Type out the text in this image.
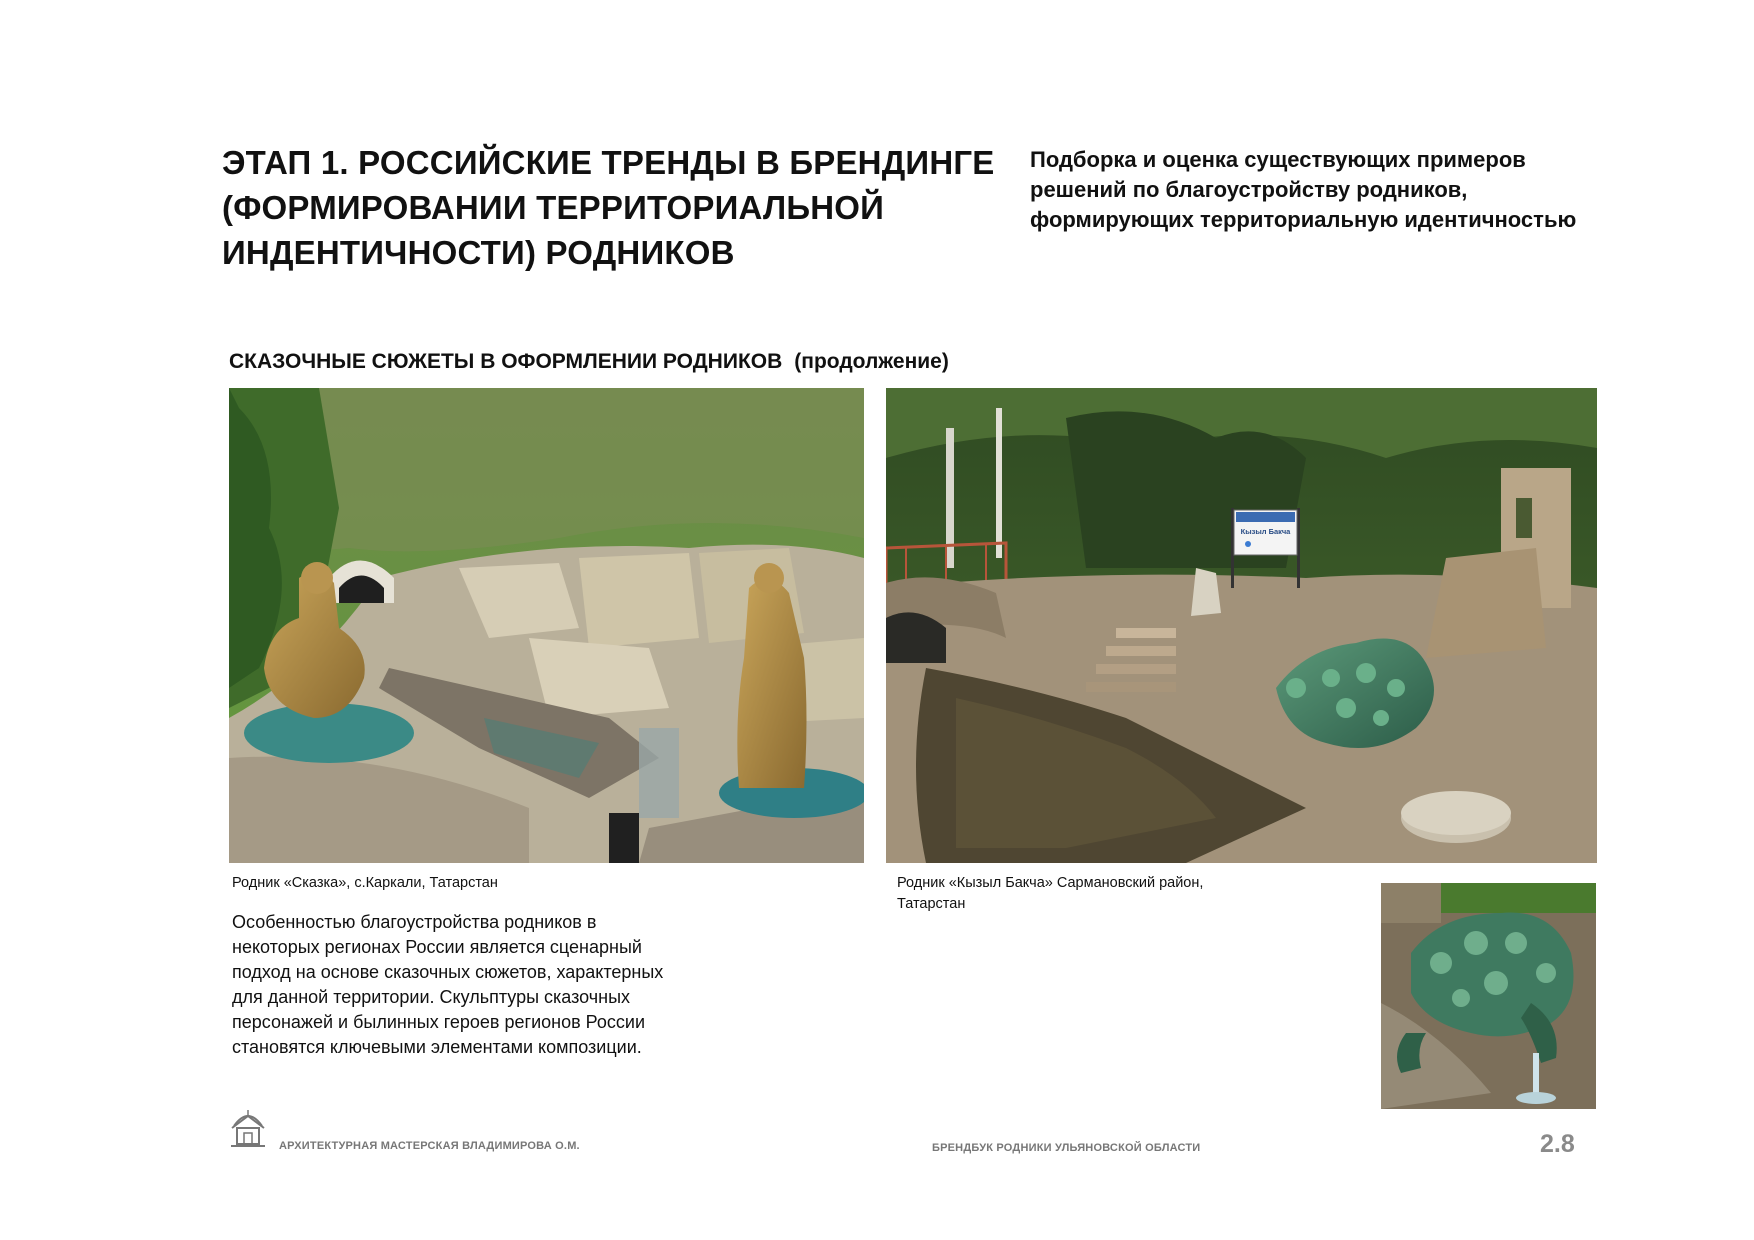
ЭТАП 1. РОССИЙСКИЕ ТРЕНДЫ В БРЕНДИНГЕ
(ФОРМИРОВАНИИ ТЕРРИТОРИАЛЬНОЙ
ИНДЕНТИЧНОСТИ) РОДНИКОВ
Подборка и оценка существующих примеров
решений по благоустройству родников,
формирующих территориальную идентичностью
СКАЗОЧНЫЕ СЮЖЕТЫ В ОФОРМЛЕНИИ РОДНИКОВ (продолжение)
Родник «Сказка», с.Каркали, Татарстан
Кызыл Бакча
Родник «Кызыл Бакча» Сармановский район,
Татарстан
Особенностью благоустройства родников в
некоторых регионах России является сценарный
подход на основе сказочных сюжетов, характерных
для данной территории. Скульптуры сказочных
персонажей и былинных героев регионов России
становятся ключевыми элементами композиции.
АРХИТЕКТУРНАЯ МАСТЕРСКАЯ ВЛАДИМИРОВА О.М.	БРЕНДБУК РОДНИКИ УЛЬЯНОВСКОЙ ОБЛАСТИ	2.8
